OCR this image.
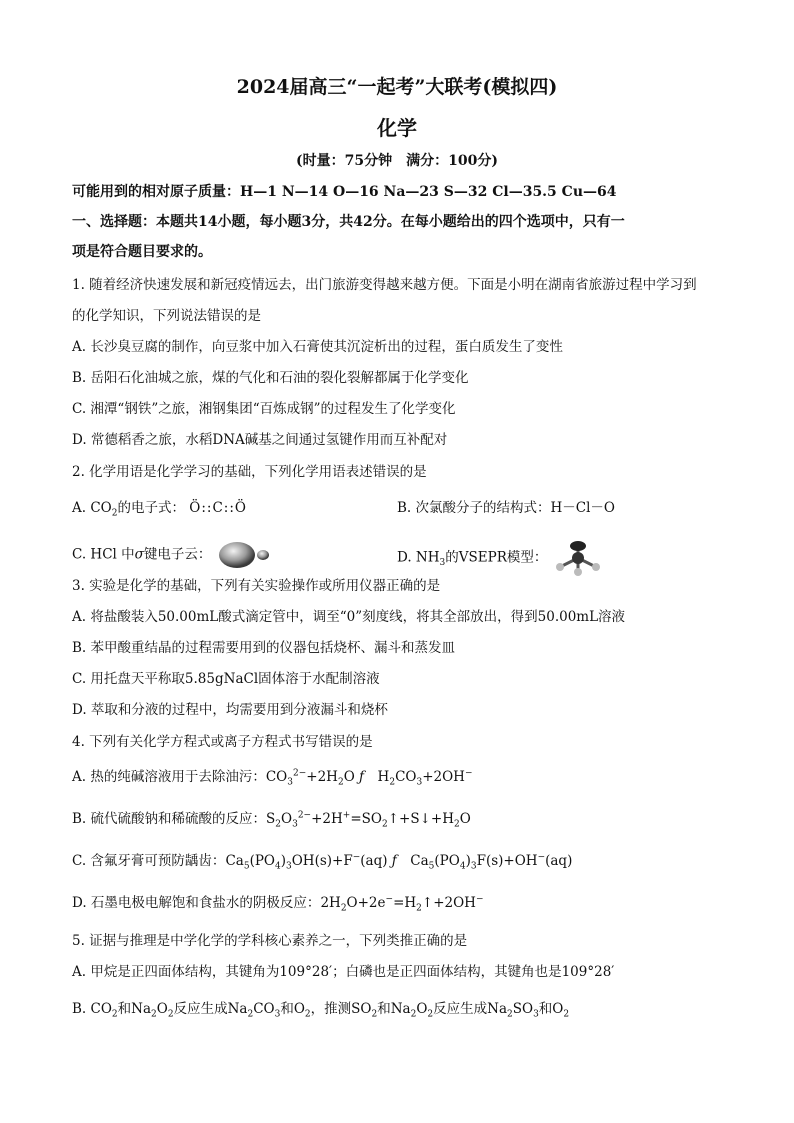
2024届高三“一起考”大联考(模拟四)
化学
(时量：75分钟　满分：100分)
可能用到的相对原子质量：H—1 N—14 O—16 Na—23 S—32 Cl—35.5 Cu—64
一、选择题：本题共14小题，每小题3分，共42分。在每小题给出的四个选项中，只有一
项是符合题目要求的。
1. 随着经济快速发展和新冠疫情远去，出门旅游变得越来越方便。下面是小明在湖南省旅游过程中学习到
的化学知识，下列说法错误的是
A. 长沙臭豆腐的制作，向豆浆中加入石膏使其沉淀析出的过程，蛋白质发生了变性
B. 岳阳石化油城之旅，煤的气化和石油的裂化裂解都属于化学变化
C. 湘潭“钢铁”之旅，湘钢集团“百炼成钢”的过程发生了化学变化
D. 常德稻香之旅，水稻DNA碱基之间通过氢键作用而互补配对
2. 化学用语是化学学习的基础，下列化学用语表述错误的是
A. $CO_2$的电子式： Ö::C::Ö	B. 次氯酸分子的结构式：H－Cl－O
C. HCl 中σ键电子云：	D. $NH_3$的VSEPR模型：
3. 实验是化学的基础，下列有关实验操作或所用仪器正确的是
A. 将盐酸装入50.00mL酸式滴定管中，调至“0”刻度线，将其全部放出，得到50.00mL溶液
B. 苯甲酸重结晶的过程需要用到的仪器包括烧杯、漏斗和蒸发皿
C. 用托盘天平称取5.85gNaCl固体溶于水配制溶液
D. 萃取和分液的过程中，均需要用到分液漏斗和烧杯
4. 下列有关化学方程式或离子方程式书写错误的是
A. 热的纯碱溶液用于去除油污：$CO_3^{2-}+2H_2O$ ƒ　$H_2CO_3+2OH^-$
B. 硫代硫酸钠和稀硫酸的反应：$S_2O_3^{2-}+2H^+=SO_2↑+S↓+H_2O$
C. 含氟牙膏可预防龋齿：$Ca_5(PO_4)_3OH(s)+F^-(aq)$ ƒ　$Ca_5(PO_4)_3F(s)+OH^-(aq)$
D. 石墨电极电解饱和食盐水的阴极反应：$2H_2O+2e^-=H_2↑+2OH^-$
5. 证据与推理是中学化学的学科核心素养之一，下列类推正确的是
A. 甲烷是正四面体结构，其键角为109°28′；白磷也是正四面体结构，其键角也是109°28′
B. $CO_2$和$Na_2O_2$反应生成$Na_2CO_3$和$O_2$，推测$SO_2$和$Na_2O_2$反应生成$Na_2SO_3$和$O_2$
